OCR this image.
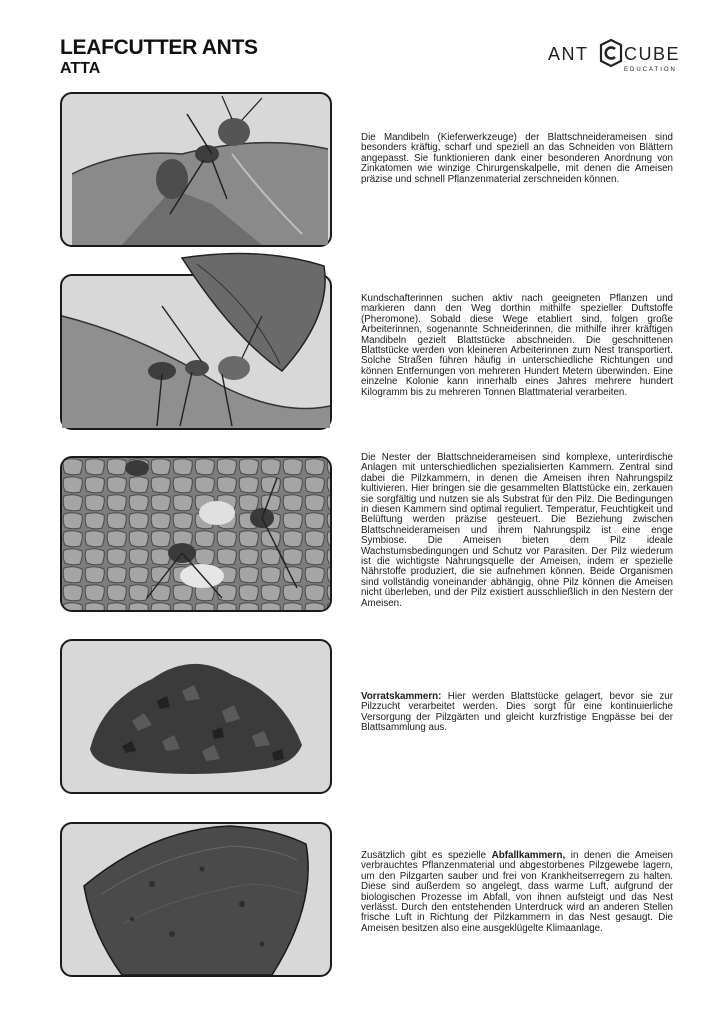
LEAFCUTTER ANTS
ATTA
ANT CUBE
EDUCATION

Die Mandibeln (Kieferwerkzeuge) der Blattschneiderameisen sind besonders kräftig, scharf und speziell an das Schneiden von Blättern angepasst. Sie funktionieren dank einer besonderen Anordnung von Zinkatomen wie winzige Chirurgenskalpelle, mit denen die Ameisen präzise und schnell Pflanzenmaterial zerschneiden können.

Kundschafterinnen suchen aktiv nach geeigneten Pflanzen und markieren dann den Weg dorthin mithilfe spezieller Duftstoffe (Pheromone). Sobald diese Wege etabliert sind, folgen große Arbeiterinnen, sogenannte Schneiderinnen, die mithilfe ihrer kräftigen Mandibeln gezielt Blattstücke abschneiden. Die geschnittenen Blattstücke werden von kleineren Arbeiterinnen zum Nest transportiert. Solche Straßen führen häufig in unterschiedliche Richtungen und können Entfernungen von mehreren Hundert Metern überwinden. Eine einzelne Kolonie kann innerhalb eines Jahres mehrere hundert Kilogramm bis zu mehreren Tonnen Blattmaterial verarbeiten.

Die Nester der Blattschneiderameisen sind komplexe, unterirdische Anlagen mit unterschiedlichen spezialisierten Kammern. Zentral sind dabei die Pilzkammern, in denen die Ameisen ihren Nahrungspilz kultivieren. Hier bringen sie die gesammelten Blattstücke ein, zerkauen sie sorgfältig und nutzen sie als Substrat für den Pilz. Die Bedingungen in diesen Kammern sind optimal reguliert. Temperatur, Feuchtigkeit und Belüftung werden präzise gesteuert. Die Beziehung zwischen Blattschneiderameisen und ihrem Nahrungspilz ist eine enge Symbiose. Die Ameisen bieten dem Pilz ideale Wachstumsbedingungen und Schutz vor Parasiten. Der Pilz wiederum ist die wichtigste Nahrungsquelle der Ameisen, indem er spezielle Nährstoffe produziert, die sie aufnehmen können. Beide Organismen sind vollständig voneinander abhängig, ohne Pilz können die Ameisen nicht überleben, und der Pilz existiert ausschließlich in den Nestern der Ameisen.

Vorratskammern: Hier werden Blattstücke gelagert, bevor sie zur Pilzzucht verarbeitet werden. Dies sorgt für eine kontinuierliche Versorgung der Pilzgärten und gleicht kurzfristige Engpässe bei der Blattsammlung aus.

Zusätzlich gibt es spezielle Abfallkammern, in denen die Ameisen verbrauchtes Pflanzenmaterial und abgestorbenes Pilzgewebe lagern, um den Pilzgarten sauber und frei von Krankheitserregern zu halten. Diese sind außerdem so angelegt, dass warme Luft, aufgrund der biologischen Prozesse im Abfall, von ihnen aufsteigt und das Nest verlässt. Durch den entstehenden Unterdruck wird an anderen Stellen frische Luft in Richtung der Pilzkammern in das Nest gesaugt. Die Ameisen besitzen also eine ausgeklügelte Klimaanlage.
